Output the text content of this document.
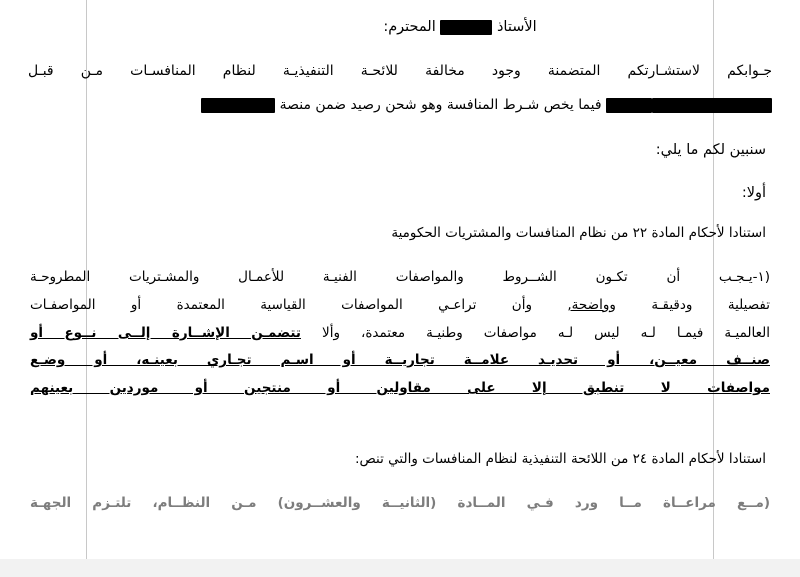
الأستاذ  المحترم:

جـوابكم لاستشـارتكم المتضمنة وجود مخالفة للائحـة التنفيذيـة لنظام المنافسـات مـن قبـل

فيما يخص شـرط المنافسة وهو شحن رصيد ضمن منصة

سنبين لكم ما يلي:

أولا:

استنادا لأحكام المادة ٢٢ من نظام المنافسات والمشتريات الحكومية

(١-يـجـب أن تكـون الشــروط والمواصفات الفنيـة للأعمـال والمشـتريات المطروحـة

تفصيلية ودقيقـة وواضحة, وأن تراعـي المواصفات القياسية المعتمدة أو المواصفـات

العالميـة فيمـا لـه ليس لـه مواصفات وطنيـة معتمدة، وألا تتضمـن الإشــارة إلــى نــوع أو

صنــف معيــن، أو تحديـد علامــة تجاريــة أو اسـم تجـاري بعينـه، أو وضـع

مواصفات لا تنطبق إلا على مقاولين أو منتجين أو موردين بعينهم

استنادا لأحكام المادة ٢٤ من اللائحة التنفيذية لنظام المنافسات والتي تنص:

(مــع مراعــاة مــا ورد فـي المــادة (الثانيــة والعشــرون) مـن النظــام، تلتـزم الجهـة
